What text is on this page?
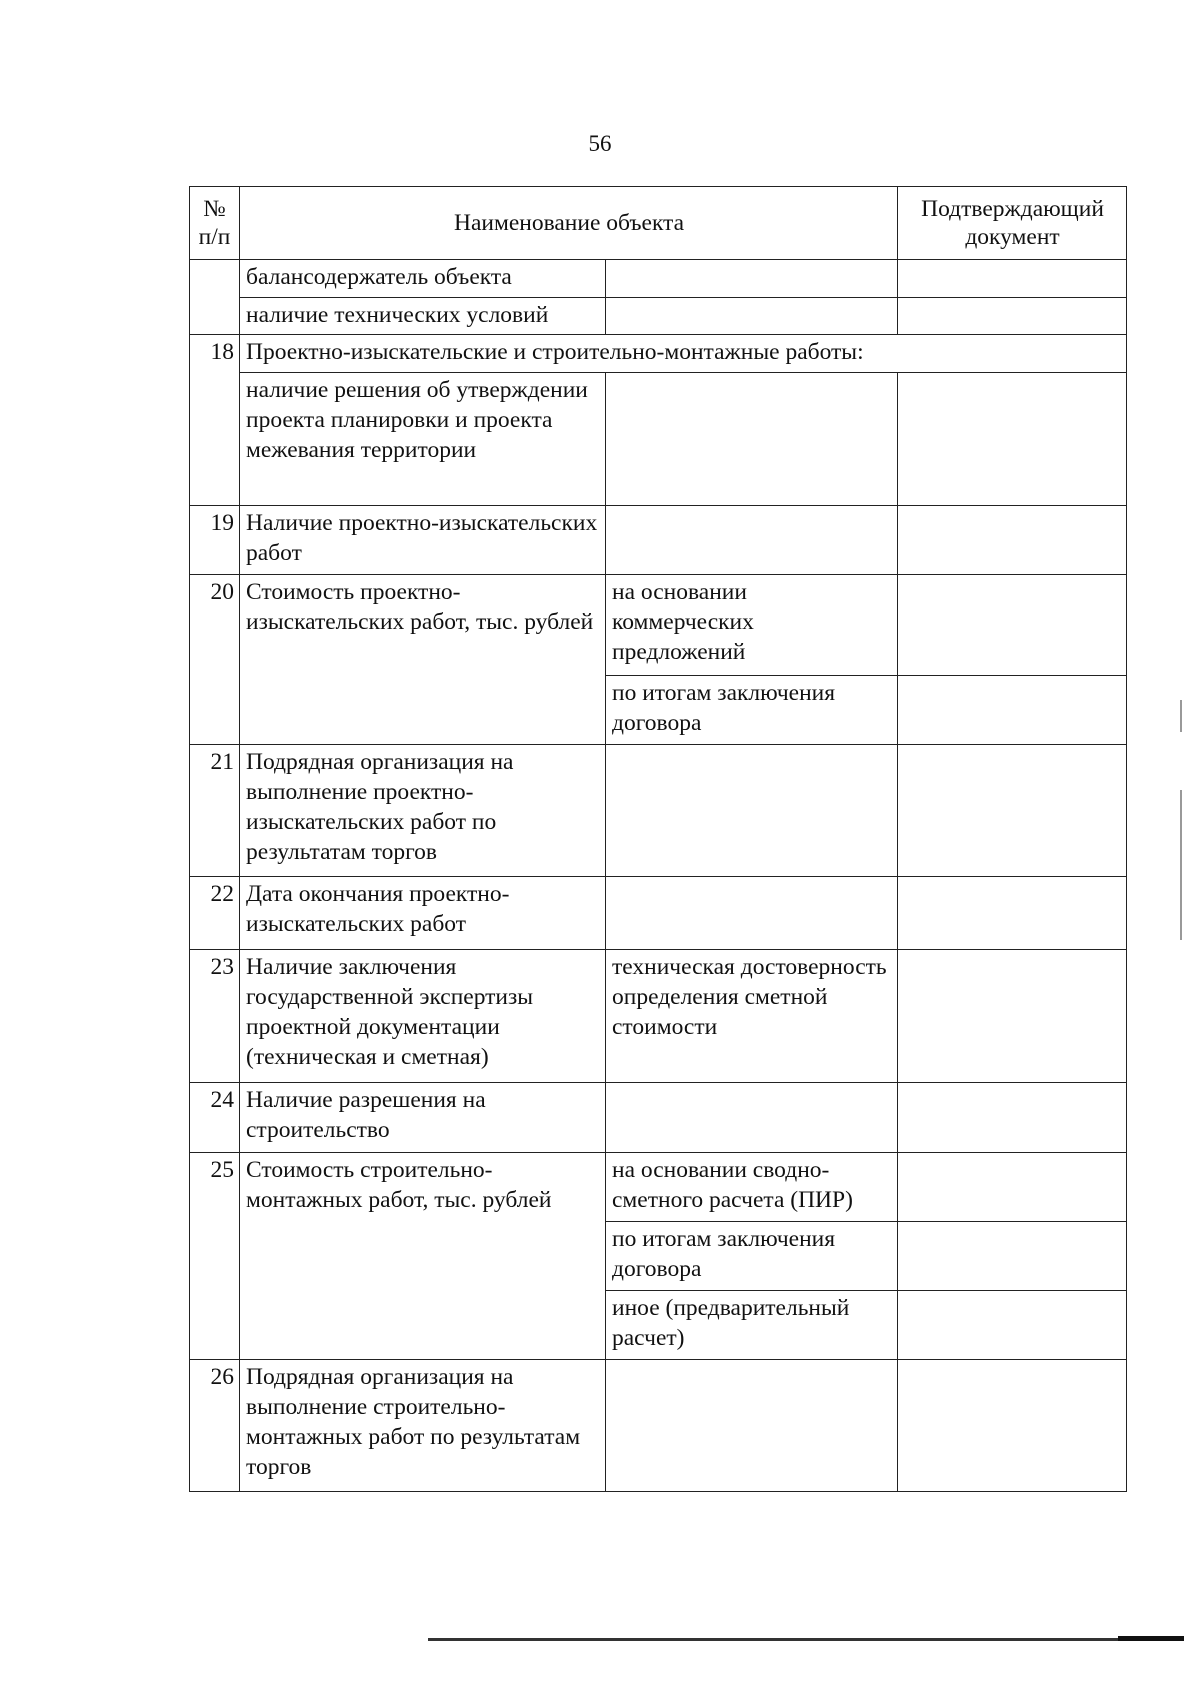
56
№ п/п	Наименование объекта		Подтверждающий документ
	балансодержатель объекта		
	наличие технических условий		
18	Проектно-изыскательские и строительно-монтажные работы:		
	наличие решения об утверждении проекта планировки и проекта межевания территории		
19	Наличие проектно-изыскательских работ		
20	Стоимость проектно-изыскательских работ, тыс. рублей	на основании коммерческих предложений	
		по итогам заключения договора	
21	Подрядная организация на выполнение проектно-изыскательских работ по результатам торгов		
22	Дата окончания проектно-изыскательских работ		
23	Наличие заключения государственной экспертизы проектной документации (техническая и сметная)	техническая достоверность определения сметной стоимости	
24	Наличие разрешения на строительство		
25	Стоимость строительно-монтажных работ, тыс. рублей	на основании сводно-сметного расчета (ПИР)	
		по итогам заключения договора	
		иное (предварительный расчет)	
26	Подрядная организация на выполнение строительно-монтажных работ по результатам торгов		
